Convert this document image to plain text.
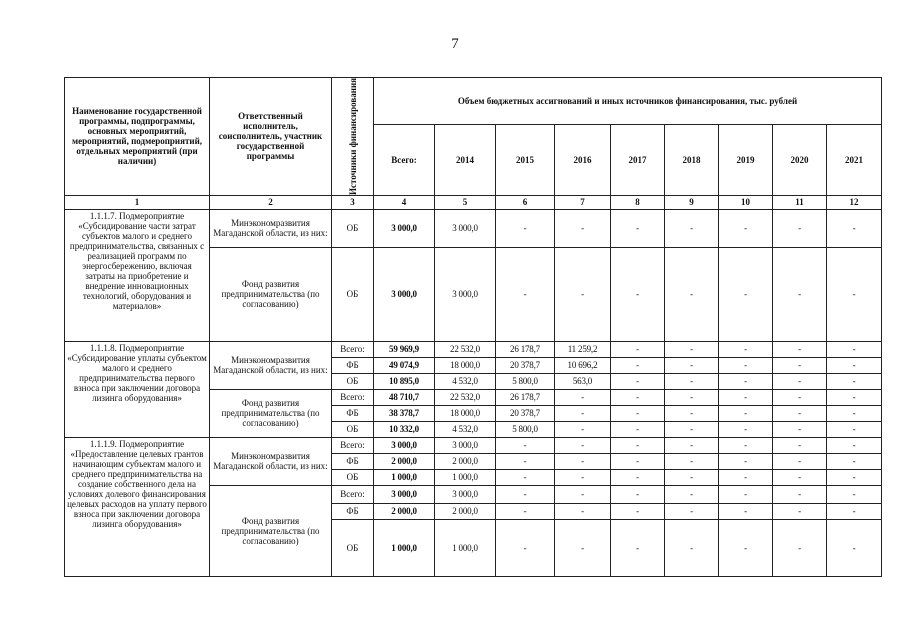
7
Наименование государственной программы, подпрограммы, основных мероприятий, мероприятий, подмероприятий, отдельных мероприятий (при наличии)	Ответственный исполнитель, соисполнитель, участник государственной программы	Источники финансирования	Объем бюджетных ассигнований и иных источников финансирования, тыс. рублей								
			Всего:	2014	2015	2016	2017	2018	2019	2020	2021
1	2	3	4	5	6	7	8	9	10	11	12
1.1.1.7. Подмероприятие «Субсидирование части затрат субъектов малого и среднего предпринимательства, связанных с реализацией программ по энергосбережению, включая затраты на приобретение и внедрение инновационных технологий, оборудования и материалов»	Минэкономразвития Магаданской области, из них:	ОБ	3 000,0	3 000,0	-	-	-	-	-	-	-
	Фонд развития предпринимательства (по согласованию)	ОБ	3 000,0	3 000,0	-	-	-	-	-	-	-
1.1.1.8. Подмероприятие «Субсидирование уплаты субъектом малого и среднего предпринимательства первого взноса при заключении договора лизинга оборудования»	Минэкономразвития Магаданской области, из них:	Всего:	59 969,9	22 532,0	26 178,7	11 259,2	-	-	-	-	-
		ФБ	49 074,9	18 000,0	20 378,7	10 696,2	-	-	-	-	-
		ОБ	10 895,0	4 532,0	5 800,0	563,0	-	-	-	-	-
	Фонд развития предпринимательства (по согласованию)	Всего:	48 710,7	22 532,0	26 178,7	-	-	-	-	-	-
		ФБ	38 378,7	18 000,0	20 378,7	-	-	-	-	-	-
		ОБ	10 332,0	4 532,0	5 800,0	-	-	-	-	-	-
1.1.1.9. Подмероприятие «Предоставление целевых грантов начинающим субъектам малого и среднего предпринимательства на создание собственного дела на условиях долевого финансирования целевых расходов на уплату первого взноса при заключении договора лизинга оборудования»	Минэкономразвития Магаданской области, из них:	Всего:	3 000,0	3 000,0	-	-	-	-	-	-	-
		ФБ	2 000,0	2 000,0	-	-	-	-	-	-	-
		ОБ	1 000,0	1 000,0	-	-	-	-	-	-	-
	Фонд развития предпринимательства (по согласованию)	Всего:	3 000,0	3 000,0	-	-	-	-	-	-	-
		ФБ	2 000,0	2 000,0	-	-	-	-	-	-	-
		ОБ	1 000,0	1 000,0	-	-	-	-	-	-	-
